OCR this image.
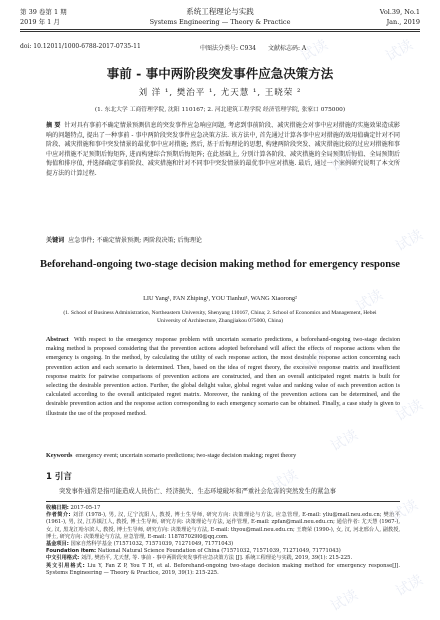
第 39 卷第 1 期	系统工程理论与实践	Vol.39, No.1
2019 年 1 月	Systems Engineering — Theory & Practice	Jan., 2019
doi: 10.12011/1000-6788-2017-0735-11	中图法分类号: C934 文献标志码: A
事前 - 事中两阶段突发事件应急决策方法
刘 洋 ¹, 樊治平 ¹, 尤天慧 ¹, 王晓荣 ²
(1. 东北大学 工商管理学院, 沈阳 110167; 2. 河北建筑工程学院 经济管理学院, 张家口 075000)
摘 要 针对具有事前不确定情景预测信息的突发事件应急响应问题, 考虑到事前阶段、减灾措施会对事中应对措施的实施效果造成影响的问题特点, 提出了一种事前 - 事中两阶段突发事件应急决策方法. 该方法中, 首先通过计算各事中应对措施的效用值确定针对不同阶段、减灾措施和事中突发情景的最优事中应对措施; 然后, 基于后悔理论的思想, 构建两阶段突发、减灾措施比较的过应对措施和事中应对措施不足预期后悔矩阵, 进而构建综合预期后悔矩阵; 在此基础上, 分别计算各阶段、减灾措施的全局预期后悔值、全局预期后悔值和排序值, 并选择确定事前阶段、减灾措施和针对不同事中突发情景的最优事中应对措施. 最后, 通过一个案例研究说明了本文所提方法的计算过程.
关键词 应急事件; 不确定情景预测; 两阶段决策; 后悔理论
Beforehand-ongoing two-stage decision making method for emergency response
LIU Yang¹, FAN Zhiping¹, YOU Tianhui¹, WANG Xiaorong²
(1. School of Business Administration, Northeastern University, Shenyang 110167, China; 2. School of Economics and Management, Hebei University of Architecture, Zhangjiakou 075000, China)
Abstract With respect to the emergency response problem with uncertain scenario predictions, a beforehand-ongoing two-stage decision making method is proposed considering that the prevention actions adopted beforehand will affect the effects of response actions when the emergency is ongoing. In the method, by calculating the utility of each response action, the most desirable response action concerning each prevention action and each scenario is determined. Then, based on the idea of regret theory, the excessive response matrix and insufficient response matrix for pairwise comparisons of prevention actions are constructed, and then an overall anticipated regret matrix is built for selecting the desirable prevention action. Further, the global delight value, global regret value and ranking value of each prevention action is calculated according to the overall anticipated regret matrix. Moreover, the ranking of the prevention actions can be determined, and the desirable prevention action and the response action corresponding to each emergency scenario can be obtained. Finally, a case study is given to illustrate the use of the proposed method.
Keywords emergency event; uncertain scenario predictions; two-stage decision making; regret theory
1 引言
突发事件通常是指可能造成人员伤亡、经济损失、生态环境破坏和严重社会危害的突然发生的紧急事

收稿日期: 2017-05-17

作者简介: 刘洋 (1978-), 男, 汉, 辽宁沈阳人, 教授, 博士生导师, 研究方向: 决策理论与方法, 应急管理, E-mail: yliu@mail.neu.edu.cn; 樊治平 (1961-), 男, 汉, 江苏镇江人, 教授, 博士生导师, 研究方向: 决策理论与方法, 运作管理, E-mail: zpfan@mail.neu.edu.cn; 通信作者: 尤天慧 (1967-), 女, 汉, 黑龙江哈尔滨人, 教授, 博士生导师, 研究方向: 决策理论与方法, E-mail: thyou@mail.neu.edu.cn; 王晓荣 (1990-), 女, 汉, 河北邢台人, 副教授, 博士, 研究方向: 决策理论与方法, 应急管理, E-mail: 118787029l0@qq.com.

基金项目: 国家自然科学基金 (71571032, 71571039, 71271049, 71771043)

Foundation item: National Natural Science Foundation of China (71571032, 71571039, 71271049, 71771043)

中文引用格式: 刘洋, 樊治平, 尤天慧, 等. 事前 - 事中两阶段突发事件应急决策方法 [J]. 系统工程理论与实践, 2019, 39(1): 215-225.

英文引用格式: Liu Y, Fan Z P, You T H, et al. Beforehand-ongoing two-stage decision making method for emergency response[J]. Systems Engineering — Theory & Practice, 2019, 39(1): 215-225.

试读	试读
试读
试读
试读
试读
试读
试读
试读
试读
试读
试读
